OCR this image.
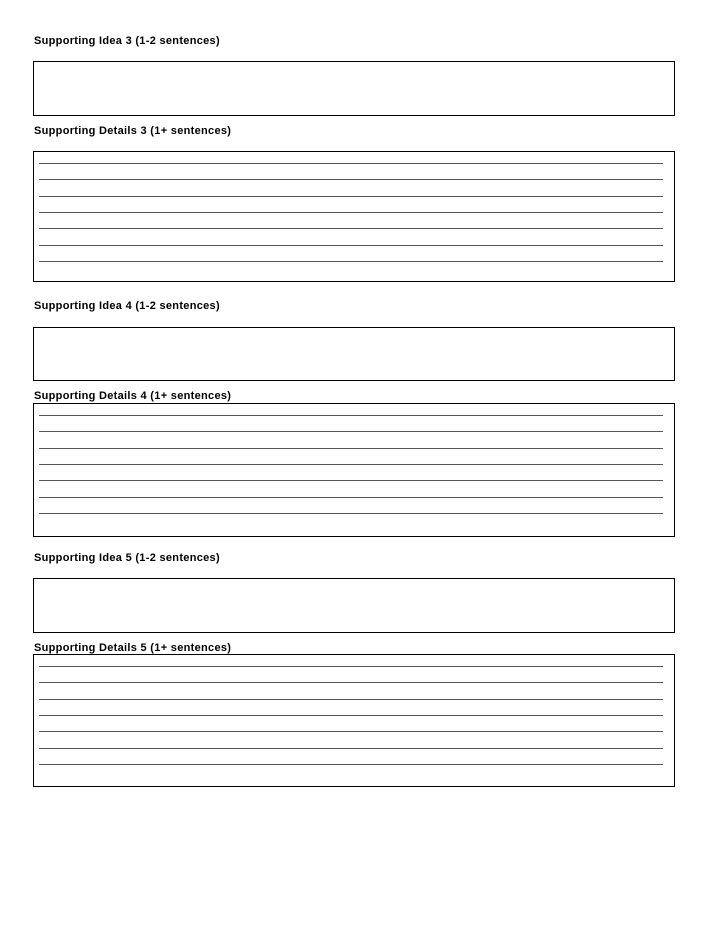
Supporting Idea 3 (1-2 sentences)
Supporting Details 3 (1+ sentences)
Supporting Idea 4 (1-2 sentences)
Supporting Details 4 (1+ sentences)
Supporting Idea 5 (1-2 sentences)
Supporting Details 5 (1+ sentences)
